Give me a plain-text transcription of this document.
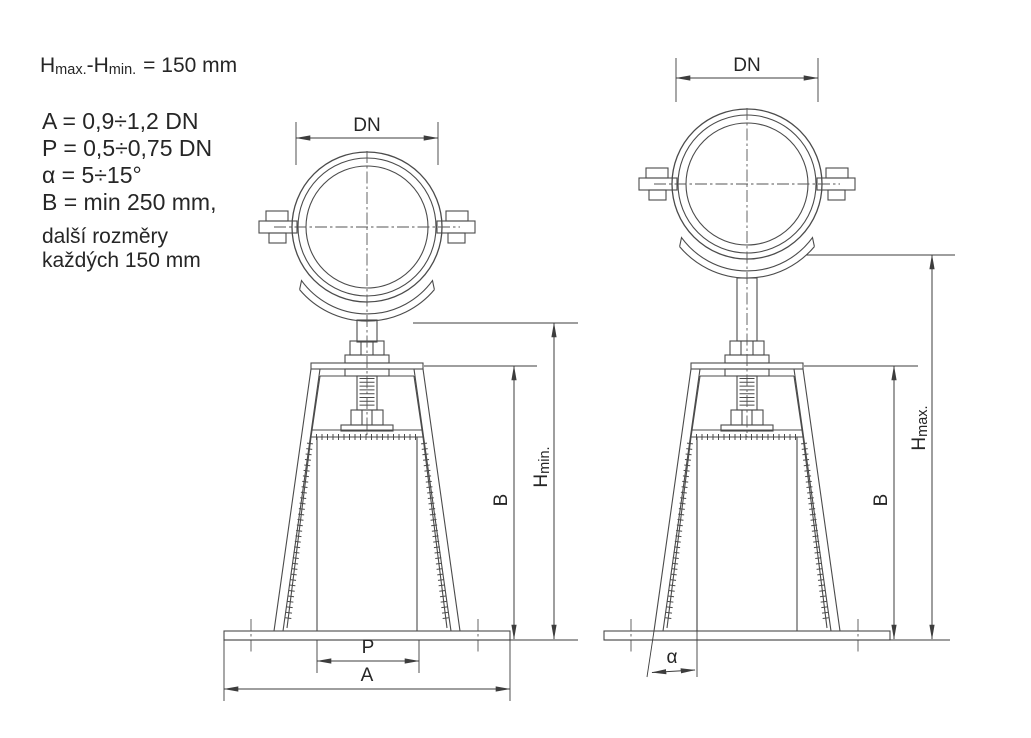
Hmax.-Hmin. = 150 mm
A = 0,9÷1,2 DN
P = 0,5÷0,75 DN
α = 5÷15°
B = min 250 mm,
další rozměry
každých 150 mm
DN
B
Hmin.
P
A
DN
B
Hmax.
α
